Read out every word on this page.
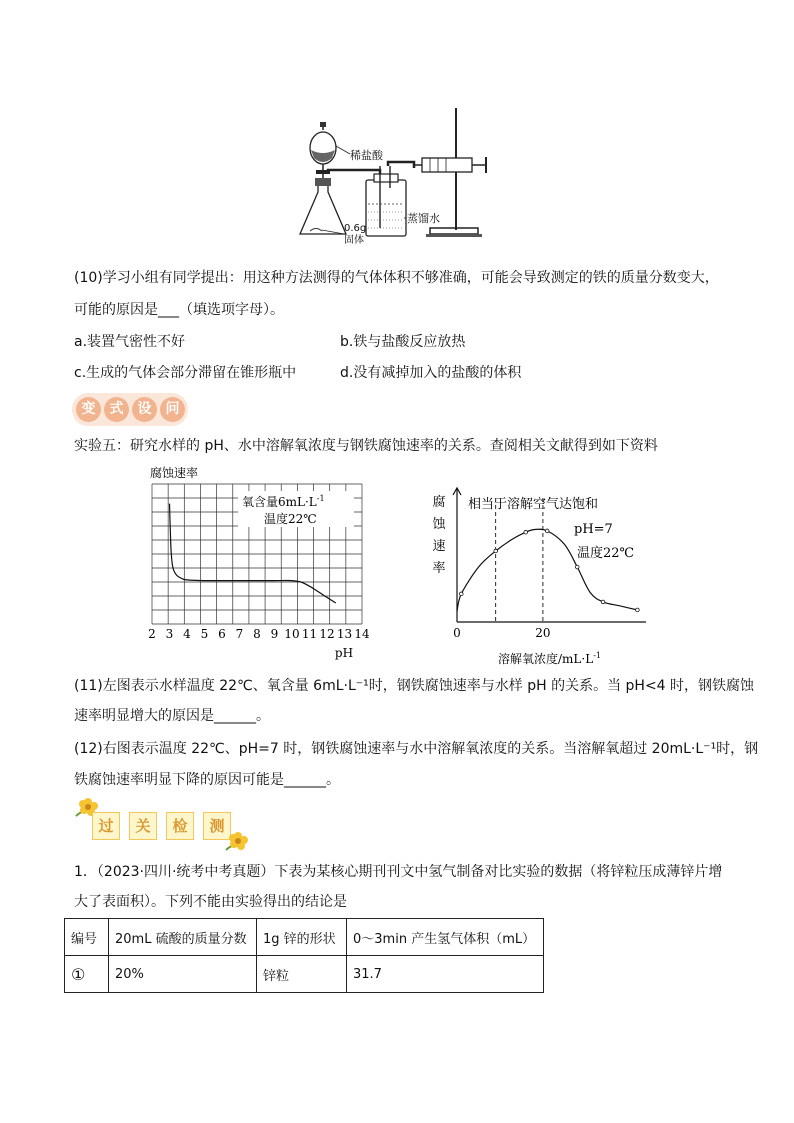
稀盐酸
蒸馏水
0.6g
固体
(10)学习小组有同学提出：用这种方法测得的气体体积不够准确，可能会导致测定的铁的质量分数变大，
可能的原因是___（填选项字母）。
a.装置气密性不好	b.铁与盐酸反应放热
c.生成的气体会部分滞留在锥形瓶中	d.没有减掉加入的盐酸的体积
变	式	设	问
实验五：研究水样的 pH、水中溶解氧浓度与钢铁腐蚀速率的关系。查阅相关文献得到如下资料
腐蚀速率
氧含量$6mL\cdot L^{-1}$
温度22℃
2 3 4 5 6 7 8 9 10 11 12 13 14
pH
腐
蚀
速
率
相当于溶解空气达饱和
pH=7
温度22℃
0	20
溶解氧浓度$/mL\cdot L^{-1}$
(11)左图表示水样温度 22℃、氧含量 6mL·L⁻¹时，钢铁腐蚀速率与水样 pH 的关系。当 pH<4 时，钢铁腐蚀
速率明显增大的原因是______。
(12)右图表示温度 22℃、pH=7 时，钢铁腐蚀速率与水中溶解氧浓度的关系。当溶解氧超过 20mL·L⁻¹时，钢
铁腐蚀速率明显下降的原因可能是______。
过	关	检	测
1．（2023·四川·统考中考真题）下表为某核心期刊刊文中氢气制备对比实验的数据（将锌粒压成薄锌片增
大了表面积）。下列不能由实验得出的结论是
编号	20mL 硫酸的质量分数	1g 锌的形状	0～3min 产生氢气体积（mL）
①	20%	锌粒	31.7
